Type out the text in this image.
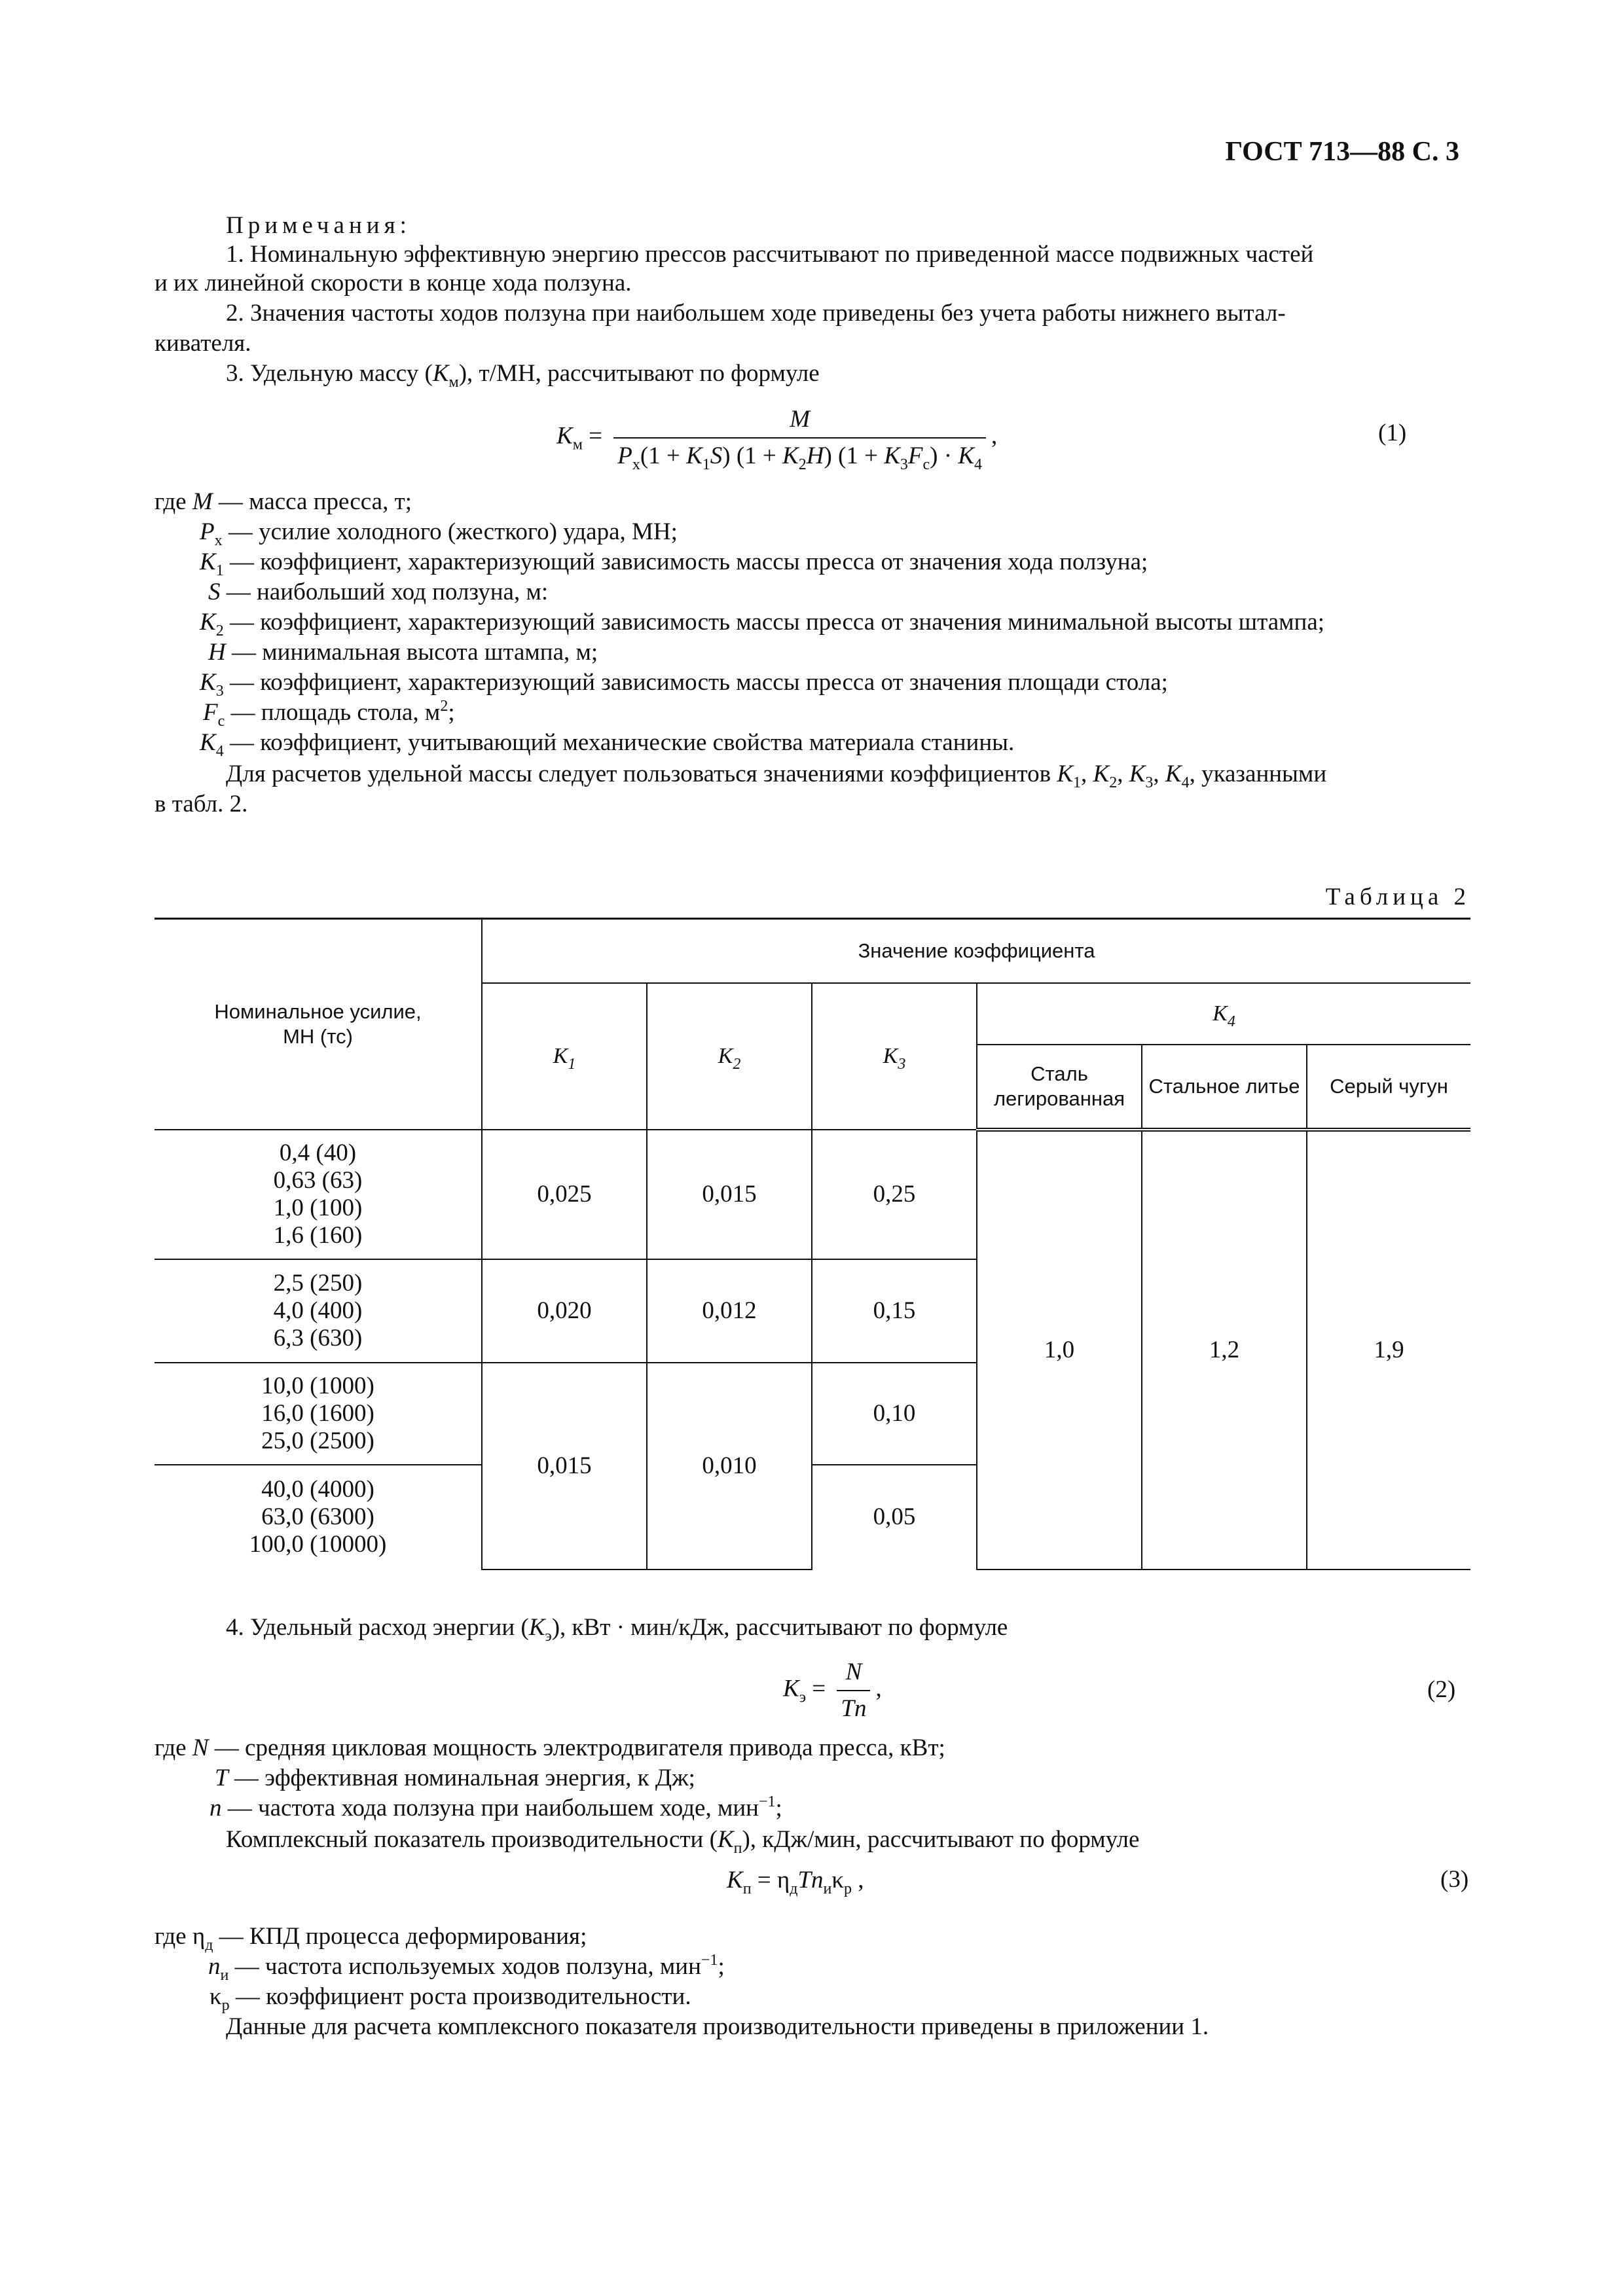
ГОСТ 713—88 С. 3
Примечания:
1. Номинальную эффективную энергию прессов рассчитывают по приведенной массе подвижных частей
и их линейной скорости в конце хода ползуна.
2. Значения частоты ходов ползуна при наибольшем ходе приведены без учета работы нижнего вытал-
кивателя.
3. Удельную массу $(K_м)$, т/МН, рассчитывают по формуле
$K_м = \frac{M}{P_х(1 + K_1S) (1 + K_2H) (1 + K_3F_с) \cdot K_4}$ ,	(1)
где M — масса пресса, т;
$P_х$ — усилие холодного (жесткого) удара, МН;
$K_1$ — коэффициент, характеризующий зависимость массы пресса от значения хода ползуна;
S — наибольший ход ползуна, м:
$K_2$ — коэффициент, характеризующий зависимость массы пресса от значения минимальной высоты штампа;
H — минимальная высота штампа, м;
$K_3$ — коэффициент, характеризующий зависимость массы пресса от значения площади стола;
$F_с$ — площадь стола, $м^2$;
$K_4$ — коэффициент, учитывающий механические свойства материала станины.
Для расчетов удельной массы следует пользоваться значениями коэффициентов $K_1$, $K_2$, $K_3$, $K_4$, указанными
в табл. 2.
Таблица 2
Номинальное усилие,
МН (тс)	Значение коэффициента					
	$K_1$	$K_2$	$K_3$	$K_4$
				Сталь легированная	Стальное литье	Серый чугун
0,4 (40)
0,63 (63)
1,0 (100)
1,6 (160)	0,025	0,015	0,25	1,0	1,2	1,9
2,5 (250)
4,0 (400)
6,3 (630)	0,020	0,012	0,15			
10,0 (1000)
16,0 (1600)
25,0 (2500)	0,015	0,010	0,10			
40,0 (4000)
63,0 (6300)
100,0 (10000)			0,05			
4. Удельный расход энергии $(K_э)$, кВт · мин/кДж, рассчитывают по формуле
$K_э = \frac{N}{Tn}$ ,	(2)
где N — средняя цикловая мощность электродвигателя привода пресса, кВт;
T — эффективная номинальная энергия, к Дж;
n — частота хода ползуна при наибольшем ходе, мин$^{-1}$;
Комплексный показатель производительности $(K_п)$, кДж/мин, рассчитывают по формуле
$K_п = \eta_дTn_и\kappa_р$ ,	(3)
где $\eta_д$ — КПД процесса деформирования;
$n_и$ — частота используемых ходов ползуна, мин$^{-1}$;
$\kappa_р$ — коэффициент роста производительности.
Данные для расчета комплексного показателя производительности приведены в приложении 1.
